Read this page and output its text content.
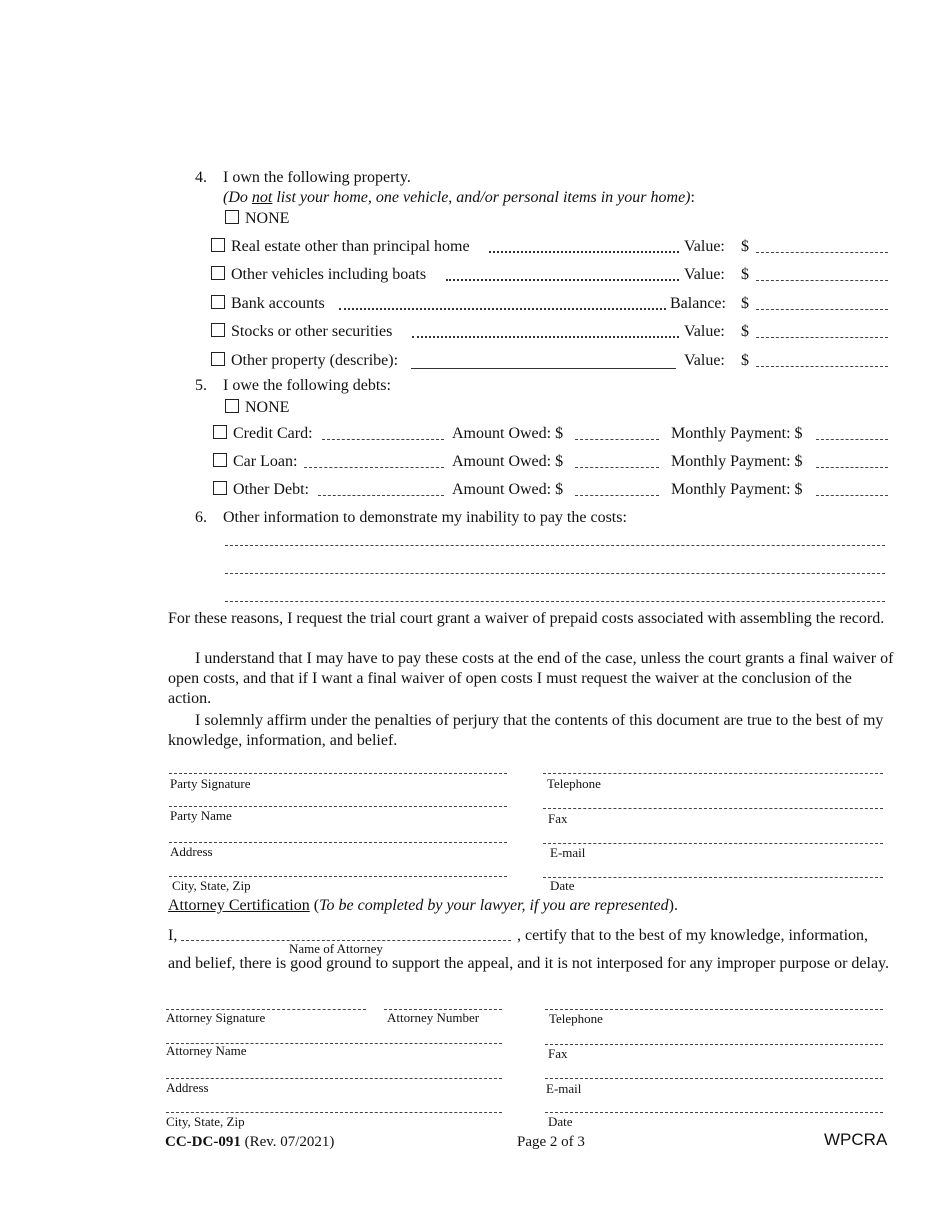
4. I own the following property.
(Do not list your home, one vehicle, and/or personal items in your home):
NONE
Real estate other than principal home	Value: $
Other vehicles including boats	Value: $
Bank accounts	Balance: $
Stocks or other securities	Value: $
Other property (describe):	Value: $
5. I owe the following debts:
NONE
Credit Card:	Amount Owed: $	Monthly Payment: $
Car Loan:	Amount Owed: $	Monthly Payment: $
Other Debt:	Amount Owed: $	Monthly Payment: $
6. Other information to demonstrate my inability to pay the costs:
For these reasons, I request the trial court grant a waiver of prepaid costs associated with assembling the record.
I understand that I may have to pay these costs at the end of the case, unless the court grants a final waiver of open costs, and that if I want a final waiver of open costs I must request the waiver at the conclusion of the action.
I solemnly affirm under the penalties of perjury that the contents of this document are true to the best of my knowledge, information, and belief.
Party Signature
Party Name
Address
City, State, Zip
Telephone
Fax
E-mail
Date
Attorney Certification (To be completed by your lawyer, if you are represented).
I,	, certify that to the best of my knowledge, information,
Name of Attorney
and belief, there is good ground to support the appeal, and it is not interposed for any improper purpose or delay.
Attorney Signature	Attorney Number
Attorney Name
Address
City, State, Zip
Telephone
Fax
E-mail
Date
CC-DC-091 (Rev. 07/2021)	Page 2 of 3	WPCRA
